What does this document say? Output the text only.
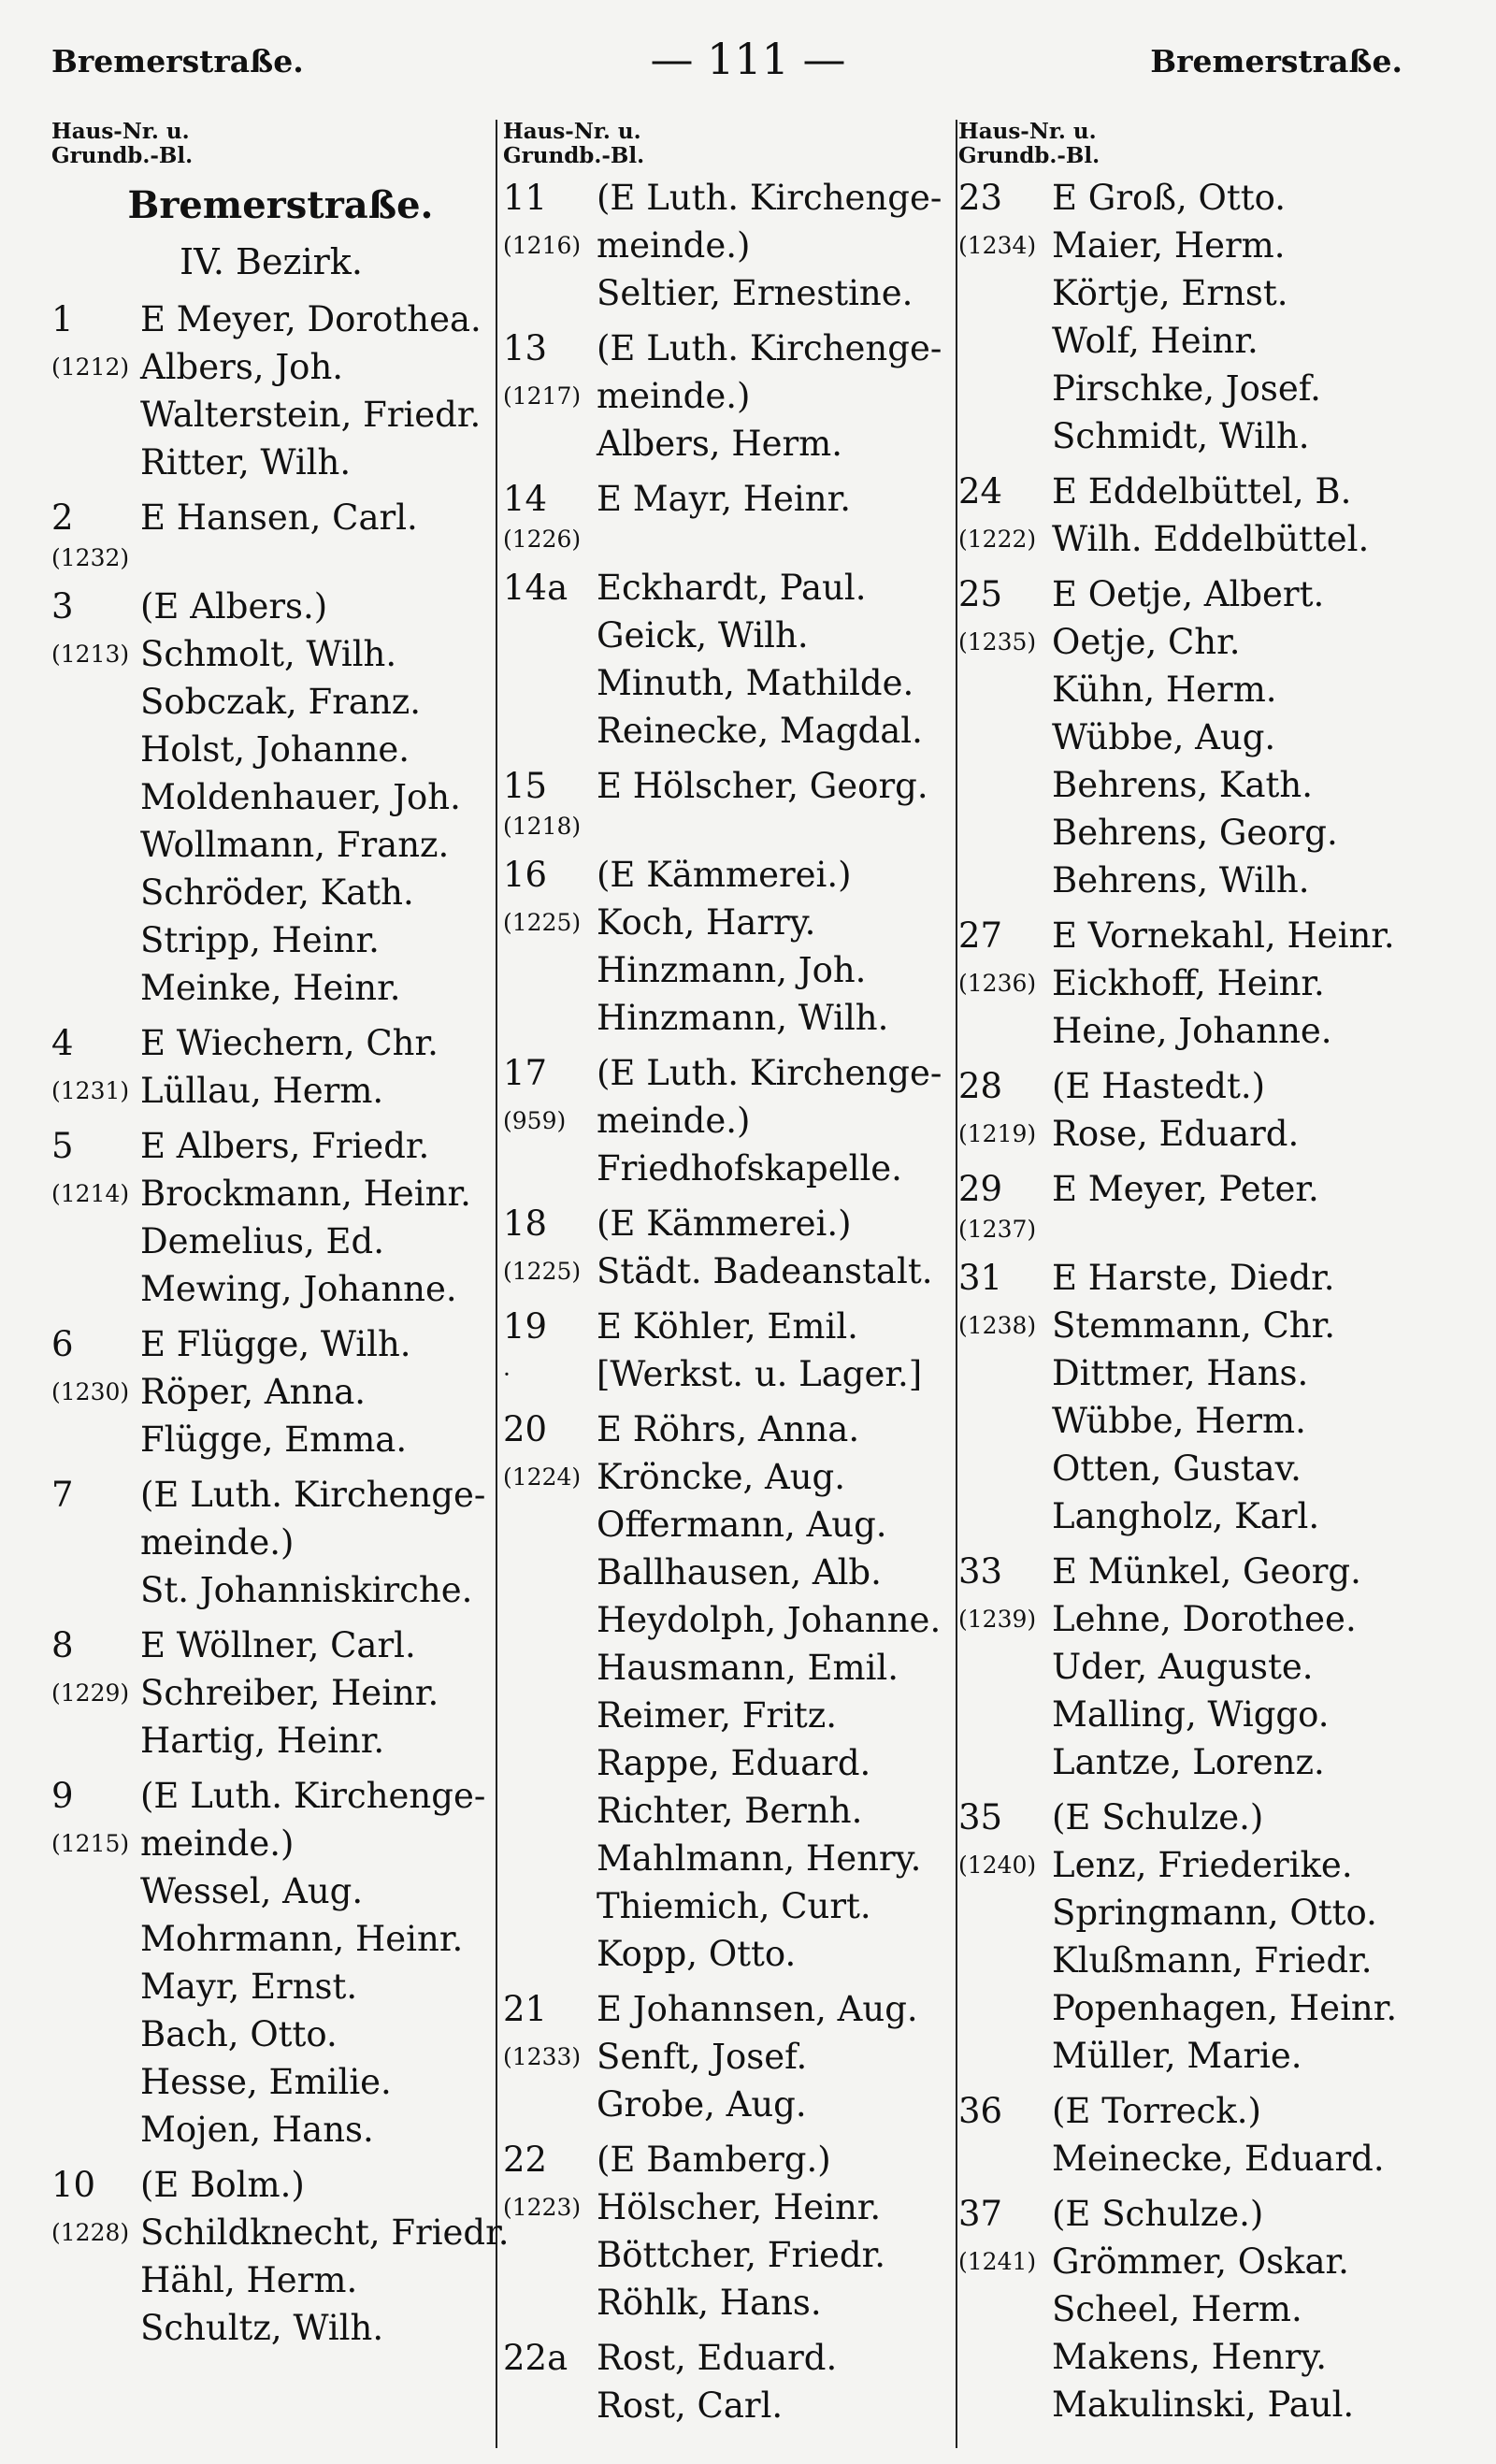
Bremerstraße.	— 111 —	Bremerstraße.
Haus-Nr. u.
Grundb.-Bl.
Bremerstraße.
IV. Bezirk.
1	E Meyer, Dorothea.
(1212) Albers, Joh.
Walterstein, Friedr.
Ritter, Wilh.
2	E Hansen, Carl.
(1232)
3	(E Albers.)
(1213) Schmolt, Wilh.
Sobczak, Franz.
Holst, Johanne.
Moldenhauer, Joh.
Wollmann, Franz.
Schröder, Kath.
Stripp, Heinr.
Meinke, Heinr.
4	E Wiechern, Chr.
(1231) Lüllau, Herm.
5	E Albers, Friedr.
(1214) Brockmann, Heinr.
Demelius, Ed.
Mewing, Johanne.
6	E Flügge, Wilh.
(1230) Röper, Anna.
Flügge, Emma.
7	(E Luth. Kirchenge-
meinde.)
St. Johanniskirche.
8	E Wöllner, Carl.
(1229) Schreiber, Heinr.
Hartig, Heinr.
9	(E Luth. Kirchenge-
(1215) meinde.)
Wessel, Aug.
Mohrmann, Heinr.
Mayr, Ernst.
Bach, Otto.
Hesse, Emilie.
Mojen, Hans.
10	(E Bolm.)
(1228) Schildknecht, Friedr.
Hähl, Herm.
Schultz, Wilh.
Haus-Nr. u.
Grundb.-Bl.
11	(E Luth. Kirchenge-
(1216) meinde.)
Seltier, Ernestine.
13	(E Luth. Kirchenge-
(1217) meinde.)
Albers, Herm.
14	E Mayr, Heinr.
(1226)
14a Eckhardt, Paul.
Geick, Wilh.
Minuth, Mathilde.
Reinecke, Magdal.
15	E Hölscher, Georg.
(1218)
16	(E Kämmerei.)
(1225) Koch, Harry.
Hinzmann, Joh.
Hinzmann, Wilh.
17	(E Luth. Kirchenge-
(959) meinde.)
Friedhofskapelle.
18	(E Kämmerei.)
(1225) Städt. Badeanstalt.
19	E Köhler, Emil.
·	[Werkst. u. Lager.]
20	E Röhrs, Anna.
(1224) Kröncke, Aug.
Offermann, Aug.
Ballhausen, Alb.
Heydolph, Johanne.
Hausmann, Emil.
Reimer, Fritz.
Rappe, Eduard.
Richter, Bernh.
Mahlmann, Henry.
Thiemich, Curt.
Kopp, Otto.
21	E Johannsen, Aug.
(1233) Senft, Josef.
Grobe, Aug.
22	(E Bamberg.)
(1223) Hölscher, Heinr.
Böttcher, Friedr.
Röhlk, Hans.
22a Rost, Eduard.
Rost, Carl.
Haus-Nr. u.
Grundb.-Bl.
23	E Groß, Otto.
(1234) Maier, Herm.
Körtje, Ernst.
Wolf, Heinr.
Pirschke, Josef.
Schmidt, Wilh.
24	E Eddelbüttel, B.
(1222) Wilh. Eddelbüttel.
25	E Oetje, Albert.
(1235) Oetje, Chr.
Kühn, Herm.
Wübbe, Aug.
Behrens, Kath.
Behrens, Georg.
Behrens, Wilh.
27	E Vornekahl, Heinr.
(1236) Eickhoff, Heinr.
Heine, Johanne.
28	(E Hastedt.)
(1219) Rose, Eduard.
29	E Meyer, Peter.
(1237)
31	E Harste, Diedr.
(1238) Stemmann, Chr.
Dittmer, Hans.
Wübbe, Herm.
Otten, Gustav.
Langholz, Karl.
33	E Münkel, Georg.
(1239) Lehne, Dorothee.
Uder, Auguste.
Malling, Wiggo.
Lantze, Lorenz.
35	(E Schulze.)
(1240) Lenz, Friederike.
Springmann, Otto.
Klußmann, Friedr.
Popenhagen, Heinr.
Müller, Marie.
36	(E Torreck.)
Meinecke, Eduard.
37	(E Schulze.)
(1241) Grömmer, Oskar.
Scheel, Herm.
Makens, Henry.
Makulinski, Paul.
